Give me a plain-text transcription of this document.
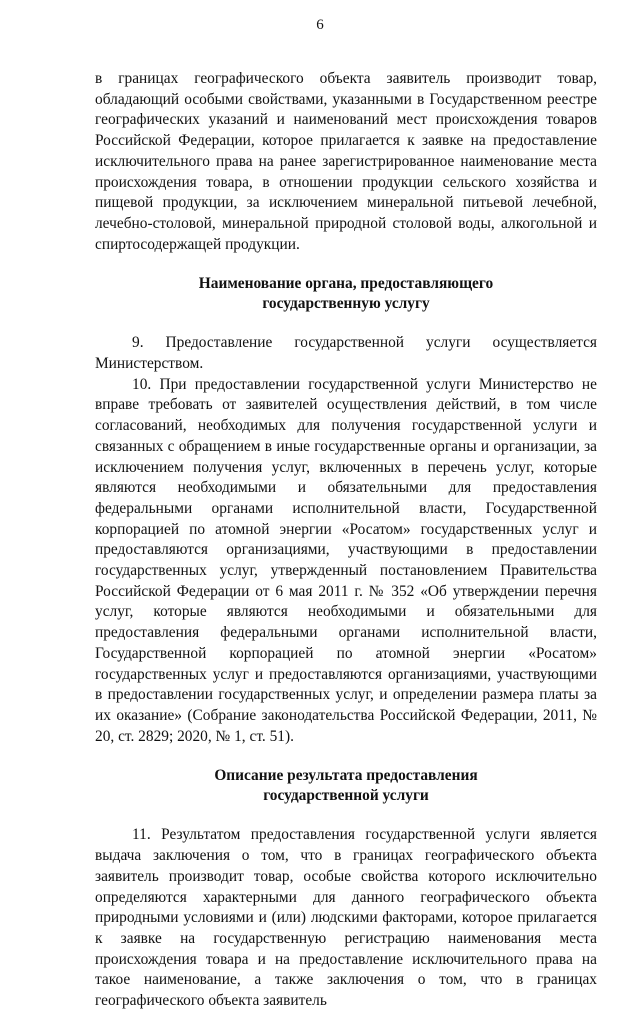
6

в границах географического объекта заявитель производит товар, обладающий особыми свойствами, указанными в Государственном реестре географических указаний и наименований мест происхождения товаров Российской Федерации, которое прилагается к заявке на предоставление исключительного права на ранее зарегистрированное наименование места происхождения товара, в отношении продукции сельского хозяйства и пищевой продукции, за исключением минеральной питьевой лечебной, лечебно-столовой, минеральной природной столовой воды, алкогольной и спиртосодержащей продукции.

Наименование органа, предоставляющего
государственную услугу

9. Предоставление государственной услуги осуществляется Министерством.

10. При предоставлении государственной услуги Министерство не вправе требовать от заявителей осуществления действий, в том числе согласований, необходимых для получения государственной услуги и связанных с обращением в иные государственные органы и организации, за исключением получения услуг, включенных в перечень услуг, которые являются необходимыми и обязательными для предоставления федеральными органами исполнительной власти, Государственной корпорацией по атомной энергии «Росатом» государственных услуг и предоставляются организациями, участвующими в предоставлении государственных услуг, утвержденный постановлением Правительства Российской Федерации от 6 мая 2011 г. № 352 «Об утверждении перечня услуг, которые являются необходимыми и обязательными для предоставления федеральными органами исполнительной власти, Государственной корпорацией по атомной энергии «Росатом» государственных услуг и предоставляются организациями, участвующими в предоставлении государственных услуг, и определении размера платы за их оказание» (Собрание законодательства Российской Федерации, 2011, № 20, ст. 2829; 2020, № 1, ст. 51).

Описание результата предоставления
государственной услуги

11. Результатом предоставления государственной услуги является выдача заключения о том, что в границах географического объекта заявитель производит товар, особые свойства которого исключительно определяются характерными для данного географического объекта природными условиями и (или) людскими факторами, которое прилагается к заявке на государственную регистрацию наименования места происхождения товара и на предоставление исключительного права на такое наименование, а также заключения о том, что в границах географического объекта заявитель
